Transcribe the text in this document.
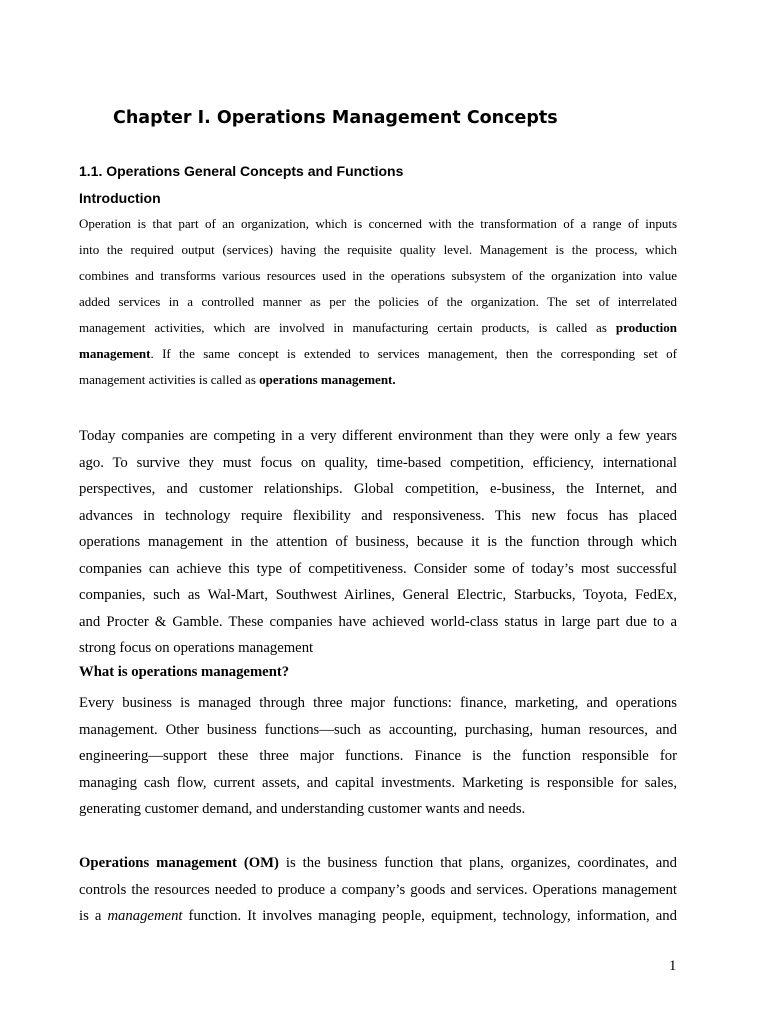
Chapter I. Operations Management Concepts
1.1. Operations General Concepts and Functions
Introduction
Operation is that part of an organization, which is concerned with the transformation of a range of inputs
into the required output (services) having the requisite quality level. Management is the process, which
combines and transforms various resources used in the operations subsystem of the organization into value
added services in a controlled manner as per the policies of the organization. The set of interrelated
management activities, which are involved in manufacturing certain products, is called as production
management. If the same concept is extended to services management, then the corresponding set of
management activities is called as operations management.
Today companies are competing in a very different environment than they were only a few years
ago. To survive they must focus on quality, time-based competition, efficiency, international
perspectives, and customer relationships. Global competition, e-business, the Internet, and
advances in technology require flexibility and responsiveness. This new focus has placed
operations management in the attention of business, because it is the function through which
companies can achieve this type of competitiveness. Consider some of today’s most successful
companies, such as Wal-Mart, Southwest Airlines, General Electric, Starbucks, Toyota, FedEx,
and Procter & Gamble. These companies have achieved world-class status in large part due to a
strong focus on operations management
What is operations management?
Every business is managed through three major functions: finance, marketing, and operations
management. Other business functions—such as accounting, purchasing, human resources, and
engineering—support these three major functions. Finance is the function responsible for
managing cash flow, current assets, and capital investments. Marketing is responsible for sales,
generating customer demand, and understanding customer wants and needs.
Operations management (OM) is the business function that plans, organizes, coordinates, and
controls the resources needed to produce a company’s goods and services. Operations management
is a management function. It involves managing people, equipment, technology, information, and
1
